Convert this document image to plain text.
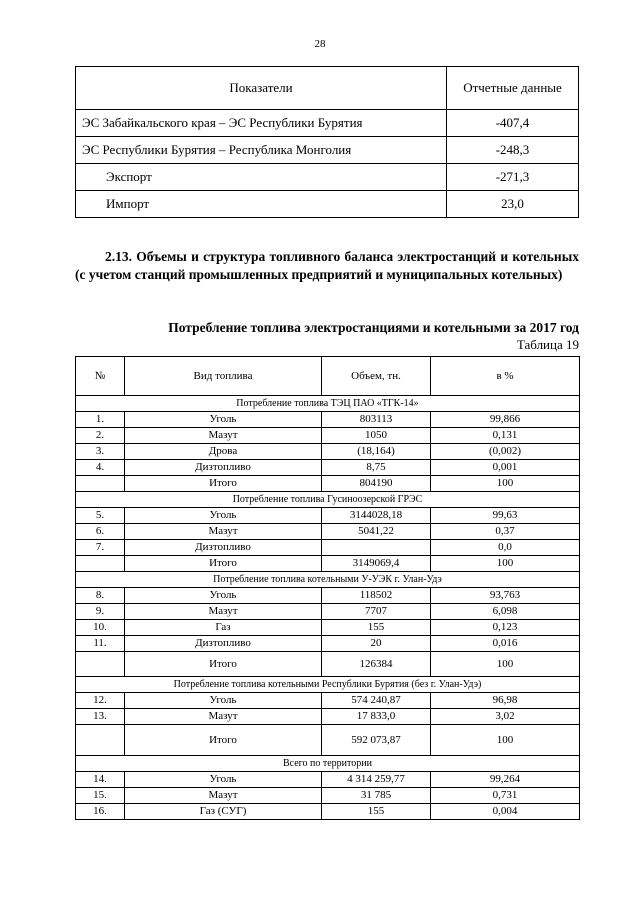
28
Показатели	Отчетные данные
ЭС Забайкальского края – ЭС Республики Бурятия	-407,4
ЭС Республики Бурятия – Республика Монголия	-248,3
Экспорт	-271,3
Импорт	23,0
2.13. Объемы и структура топливного баланса электростанций и котельных (с учетом станций промышленных предприятий и муниципальных котельных)
Потребление топлива электростанциями и котельными за 2017 год
Таблица 19
№	Вид топлива	Объем, тн.	в %
Потребление топлива ТЭЦ ПАО «ТГК-14»			
1.	Уголь	803113	99,866
2.	Мазут	1050	0,131
3.	Дрова	(18,164)	(0,002)
4.	Дизтопливо	8,75	0,001
	Итого	804190	100
Потребление топлива Гусиноозерской ГРЭС			
5.	Уголь	3144028,18	99,63
6.	Мазут	5041,22	0,37
7.	Дизтопливо		0,0
	Итого	3149069,4	100
Потребление топлива котельными У-УЭК г. Улан-Удэ			
8.	Уголь	118502	93,763
9.	Мазут	7707	6,098
10.	Газ	155	0,123
11.	Дизтопливо	20	0,016
	Итого	126384	100
Потребление топлива котельными Республики Бурятия (без г. Улан-Удэ)			
12.	Уголь	574 240,87	96,98
13.	Мазут	17 833,0	3,02
	Итого	592 073,87	100
Всего по территории			
14.	Уголь	4 314 259,77	99,264
15.	Мазут	31 785	0,731
16.	Газ (СУГ)	155	0,004
